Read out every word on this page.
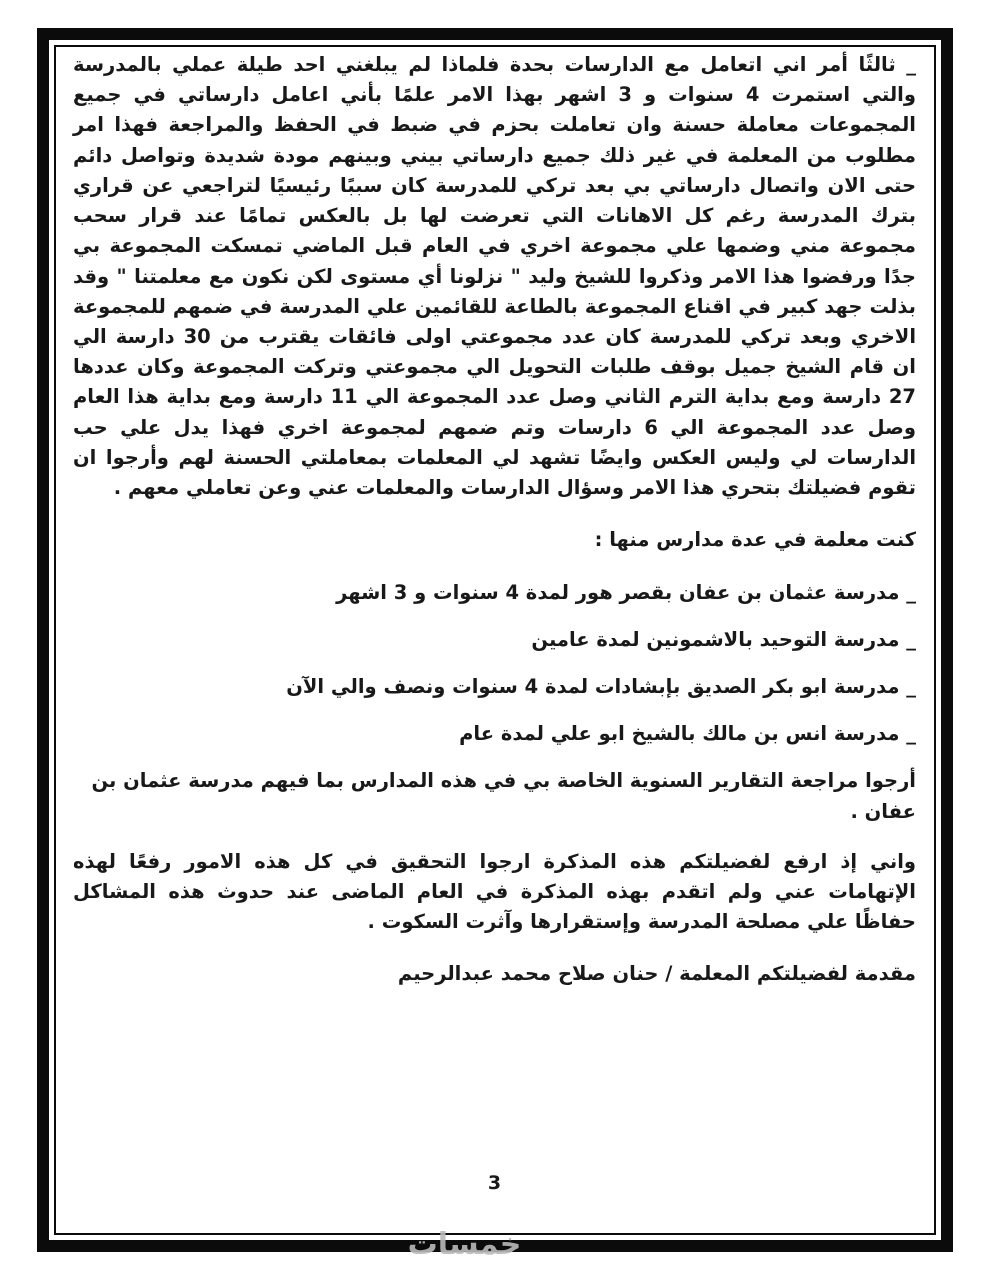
_ ثالثًا أمر اني اتعامل مع الدارسات بحدة فلماذا لم يبلغني احد طيلة عملي بالمدرسة والتي استمرت 4 سنوات و 3 اشهر بهذا الامر علمًا بأني اعامل دارساتي في جميع المجموعات معاملة حسنة وان تعاملت بحزم في ضبط في الحفظ والمراجعة فهذا امر مطلوب من المعلمة في غير ذلك جميع دارساتي بيني وبينهم مودة شديدة وتواصل دائم حتى الان واتصال دارساتي بي بعد تركي للمدرسة كان سببًا رئيسيًا لتراجعي عن قراري بترك المدرسة رغم كل الاهانات التي تعرضت لها بل بالعكس تمامًا عند قرار سحب مجموعة مني وضمها علي مجموعة اخري في العام قبل الماضي تمسكت المجموعة بي جدًا ورفضوا هذا الامر وذكروا للشيخ وليد " نزلونا أي مستوى لكن نكون مع معلمتنا " وقد بذلت جهد كبير في اقناع المجموعة بالطاعة للقائمين علي المدرسة في ضمهم للمجموعة الاخري وبعد تركي للمدرسة كان عدد مجموعتي اولى فائقات يقترب من 30 دارسة الي ان قام الشيخ جميل بوقف طلبات التحويل الي مجموعتي وتركت المجموعة وكان عددها 27 دارسة ومع بداية الترم الثاني وصل عدد المجموعة الي 11 دارسة ومع بداية هذا العام وصل عدد المجموعة الي 6 دارسات وتم ضمهم لمجموعة اخري فهذا يدل علي حب الدارسات لي وليس العكس وايضًا تشهد لي المعلمات بمعاملتي الحسنة لهم وأرجوا ان تقوم فضيلتك بتحري هذا الامر وسؤال الدارسات والمعلمات عني وعن تعاملي معهم .

كنت معلمة في عدة مدارس منها :

_ مدرسة عثمان بن عفان بقصر هور لمدة 4 سنوات و 3 اشهر

_ مدرسة التوحيد بالاشمونين لمدة عامين

_ مدرسة ابو بكر الصديق بإبشادات لمدة 4 سنوات ونصف والي الآن

_ مدرسة انس بن مالك بالشيخ ابو علي لمدة عام

أرجوا مراجعة التقارير السنوية الخاصة بي في هذه المدارس بما فيهم مدرسة عثمان بن عفان .

واني إذ ارفع لفضيلتكم هذه المذكرة ارجوا التحقيق في كل هذه الامور رفعًا لهذه الإتهامات عني ولم اتقدم بهذه المذكرة في العام الماضى عند حدوث هذه المشاكل حفاظًا علي مصلحة المدرسة وإستقرارها وآثرت السكوت .

مقدمة لفضيلتكم المعلمة / حنان صلاح محمد عبدالرحيم

3
خمسات
